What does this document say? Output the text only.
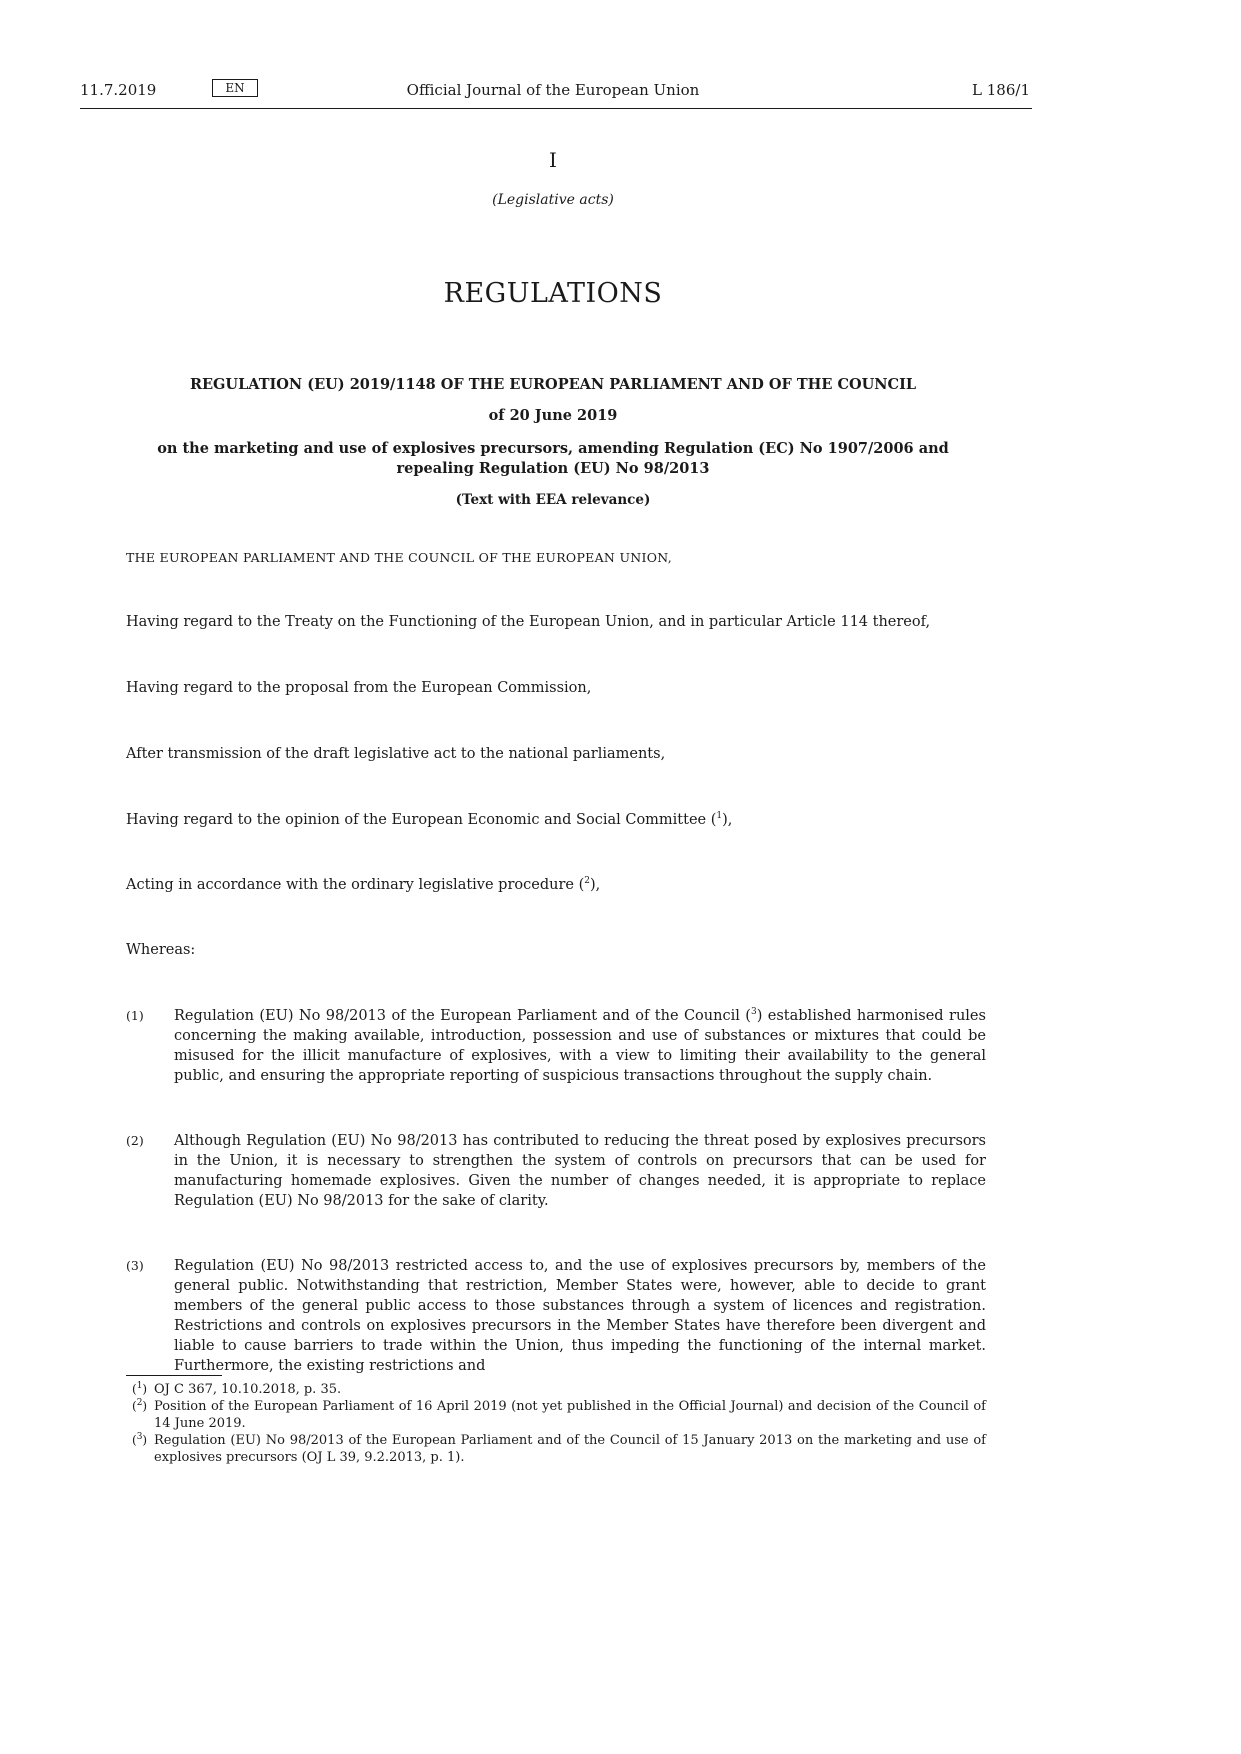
11.7.2019	EN	Official Journal of the European Union	L 186/1
I
(Legislative acts)
REGULATIONS
REGULATION (EU) 2019/1148 OF THE EUROPEAN PARLIAMENT AND OF THE COUNCIL
of 20 June 2019
on the marketing and use of explosives precursors, amending Regulation (EC) No 1907/2006 and
repealing Regulation (EU) No 98/2013
(Text with EEA relevance)
THE EUROPEAN PARLIAMENT AND THE COUNCIL OF THE EUROPEAN UNION,
Having regard to the Treaty on the Functioning of the European Union, and in particular Article 114 thereof,
Having regard to the proposal from the European Commission,
After transmission of the draft legislative act to the national parliaments,
Having regard to the opinion of the European Economic and Social Committee ($^1$),
Acting in accordance with the ordinary legislative procedure ($^2$),
Whereas:
(1)	Regulation (EU) No 98/2013 of the European Parliament and of the Council ($^3$) established harmonised rules concerning the making available, introduction, possession and use of substances or mixtures that could be misused for the illicit manufacture of explosives, with a view to limiting their availability to the general public, and ensuring the appropriate reporting of suspicious transactions throughout the supply chain.
(2)	Although Regulation (EU) No 98/2013 has contributed to reducing the threat posed by explosives precursors in the Union, it is necessary to strengthen the system of controls on precursors that can be used for manufacturing homemade explosives. Given the number of changes needed, it is appropriate to replace Regulation (EU) No 98/2013 for the sake of clarity.
(3)	Regulation (EU) No 98/2013 restricted access to, and the use of explosives precursors by, members of the general public. Notwithstanding that restriction, Member States were, however, able to decide to grant members of the general public access to those substances through a system of licences and registration. Restrictions and controls on explosives precursors in the Member States have therefore been divergent and liable to cause barriers to trade within the Union, thus impeding the functioning of the internal market. Furthermore, the existing restrictions and
($^1$) OJ C 367, 10.10.2018, p. 35.
($^2$) Position of the European Parliament of 16 April 2019 (not yet published in the Official Journal) and decision of the Council of 14 June 2019.
($^3$) Regulation (EU) No 98/2013 of the European Parliament and of the Council of 15 January 2013 on the marketing and use of explosives precursors (OJ L 39, 9.2.2013, p. 1).
